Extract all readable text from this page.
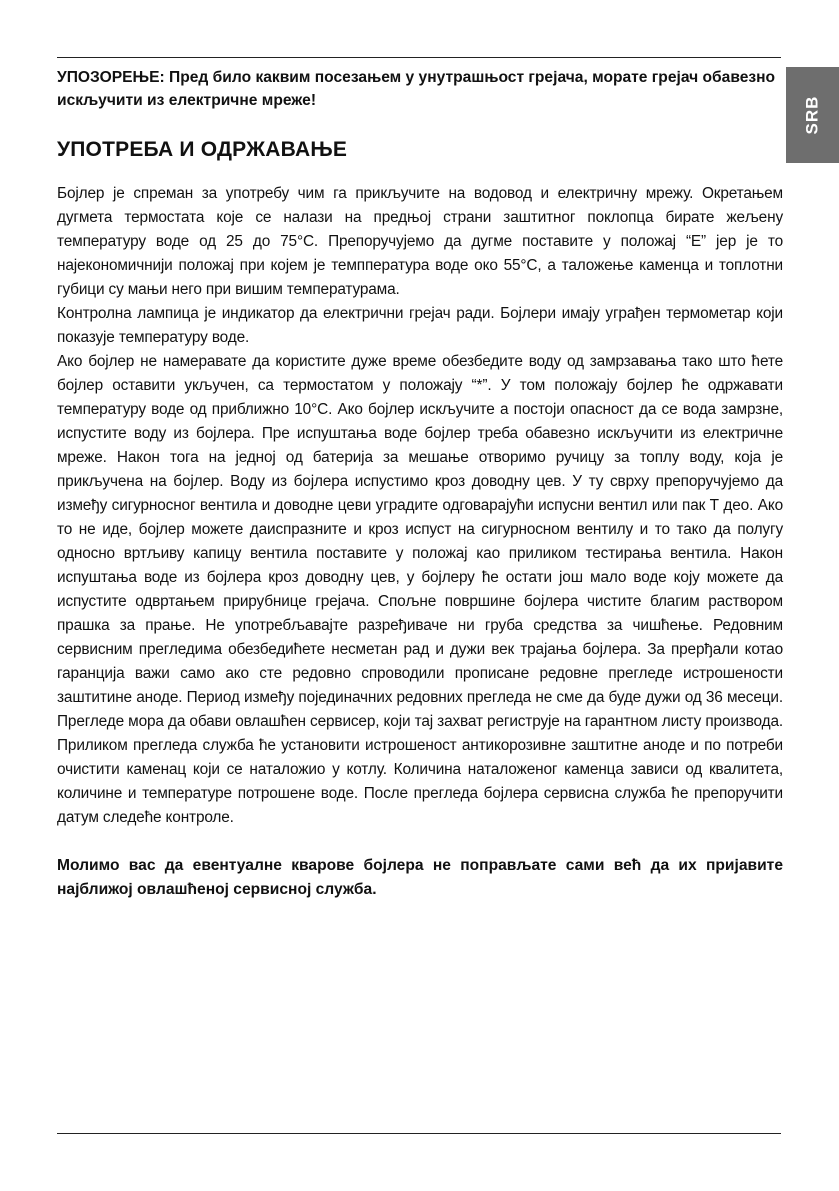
SRB

УПОЗОРЕЊЕ: Пред било каквим посезањем у унутрашњост грејача, морате грејач обавезно искључити из електричне мреже!

УПОТРЕБА И ОДРЖАВАЊЕ

Бојлер је спреман за употребу чим га прикључите на водовод и електричну мрежу. Окретањем дугмета термостата које се налази на предњој страни заштитног поклопца бирате жељену температуру воде од 25 до 75°C. Препоручујемо да дугме поставите у положај “E” јер је то најекономичнији положај при којем је темппература воде око 55°C, а таложење каменца и топлотни губици су мањи него при вишим температурама.

Контролна лампица је индикатор да електрични грејач ради. Бојлери имају уграђен термометар који показује температуру воде.

Ако бојлер не намеравате да користите дуже време обезбедите воду од замрзавања тако што ћете бојлер оставити укључен, са термостатом у положају “*”. У том положају бојлер ће одржавати температуру воде од приближно 10°C. Ако бојлер искључите а постоји опасност да се вода замрзне, испустите воду из бојлера. Пре испуштања воде бојлер треба обавезно искључити из електричне мреже. Након тога на једној од батерија за мешање отворимо ручицу за топлу воду, која је прикључена на бојлер. Воду из бојлера испустимо кроз доводну цев. У ту сврху препоручујемо да између сигурносног вентила и доводне цеви уградите одговарајући испусни вентил или пак Т део. Ако то не иде, бојлер можете даиспразните и кроз испуст на сигурносном вентилу и то тако да полугу односно вртљиву капицу вентила поставите у положај као приликом тестирања вентила. Након испуштања воде из бојлера кроз доводну цев, у бојлеру ће остати још мало воде коју можете да испустите одвртањем прирубнице грејача. Спољне површине бојлера чистите благим раствором прашка за прање. Не употребљавајте разређиваче ни груба средства за чишћење. Редовним сервисним прегледима обезбедићете несметан рад и дужи век трајања бојлера. За прерђали котао гаранција важи само ако сте редовно спроводили прописане редовне прегледе истрошености заштитине аноде. Период између појединачних редовних прегледа не сме да буде дужи од 36 месеци. Прегледе мора да обави овлашћен сервисер, који тај захват региструје на гарантном листу производа. Приликом прегледа служба ће установити истрошеност антикорозивне заштитне аноде и по потреби очистити каменац који се наталожио у котлу. Количина наталоженог каменца зависи од квалитета, количине и температуре потрошене воде. После прегледа бојлера сервисна служба ће препоручити датум следеће контроле.

Молимо вас да евентуалне кварове бојлера не поправљате сами већ да их пријавите најближој овлашћеној сервисној служба.
